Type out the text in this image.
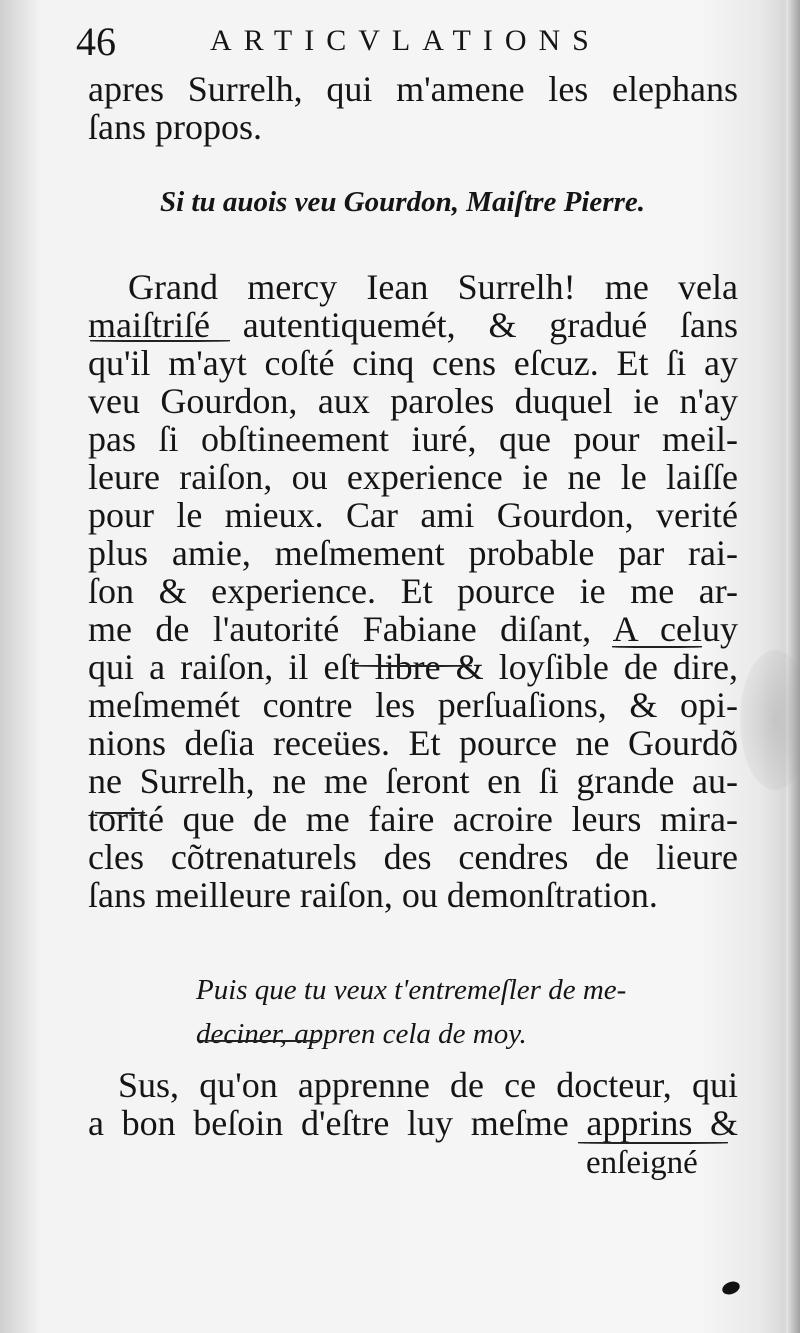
46	ARTICVLATIONS
apres Surrelh, qui m'amene les elephans
ſans propos.
Si tu auois veu Gourdon, Maiſtre Pierre.
Grand mercy Iean Surrelh! me vela
maiſtriſé autentiquemét, & gradué ſans
qu'il m'ayt coſté cinq cens eſcuz. Et ſi ay
veu Gourdon, aux paroles duquel ie n'ay
pas ſi obſtineement iuré, que pour meil-
leure raiſon, ou experience ie ne le laiſſe
pour le mieux. Car ami Gourdon, verité
plus amie, meſmement probable par rai-
ſon & experience. Et pource ie me ar-
me de l'autorité Fabiane diſant, A celuy
qui a raiſon, il eſt libre & loyſible de dire,
meſmemét contre les perſuaſions, & opi-
nions deſia receües. Et pource ne Gourdõ
ne Surrelh, ne me ſeront en ſi grande au-
torité que de me faire acroire leurs mira-
cles cõtrenaturels des cendres de lieure
ſans meilleure raiſon, ou demonſtration.
Puis que tu veux t'entremeſler de me-
deciner, appren cela de moy.
Sus, qu'on apprenne de ce docteur, qui
a bon beſoin d'eſtre luy meſme apprins &
enſeigné
